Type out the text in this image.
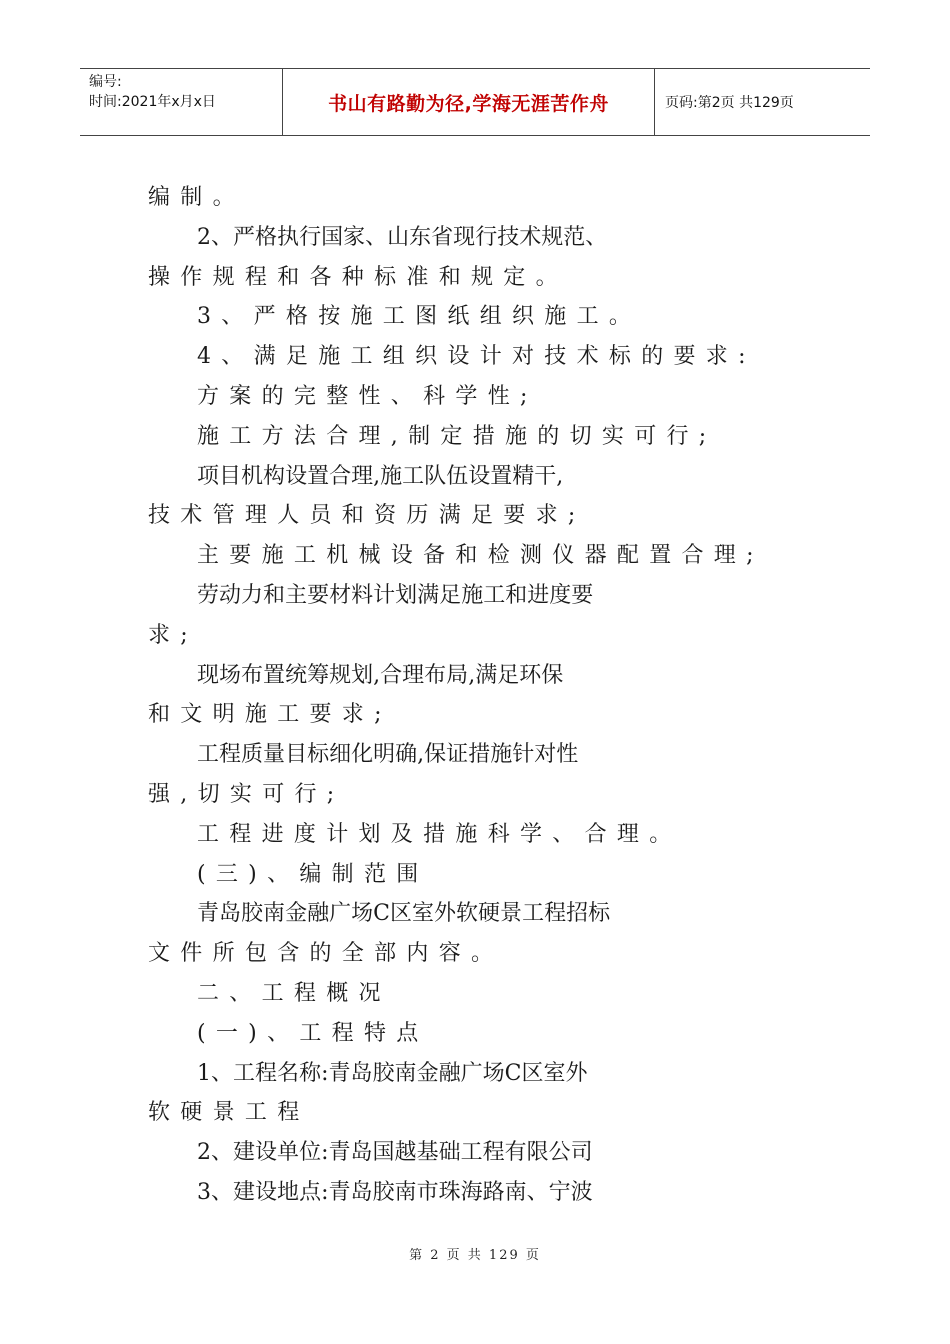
编号:
时间:2021年x月x日	书山有路勤为径,学海无涯苦作舟	页码:第2页 共129页
编制。
2、严格执行国家、山东省现行技术规范、
操作规程和各种标准和规定。
3、严格按施工图纸组织施工。
4、满足施工组织设计对技术标的要求:
方案的完整性、科学性;
施工方法合理,制定措施的切实可行;
项目机构设置合理,施工队伍设置精干,
技术管理人员和资历满足要求;
主要施工机械设备和检测仪器配置合理;
劳动力和主要材料计划满足施工和进度要
求;
现场布置统筹规划,合理布局,满足环保
和文明施工要求;
工程质量目标细化明确,保证措施针对性
强,切实可行;
工程进度计划及措施科学、合理。
(三)、编制范围
青岛胶南金融广场C区室外软硬景工程招标
文件所包含的全部内容。
二、工程概况
(一)、工程特点
1、工程名称:青岛胶南金融广场C区室外
软硬景工程
2、建设单位:青岛国越基础工程有限公司
3、建设地点:青岛胶南市珠海路南、宁波
第 2 页 共 129 页
